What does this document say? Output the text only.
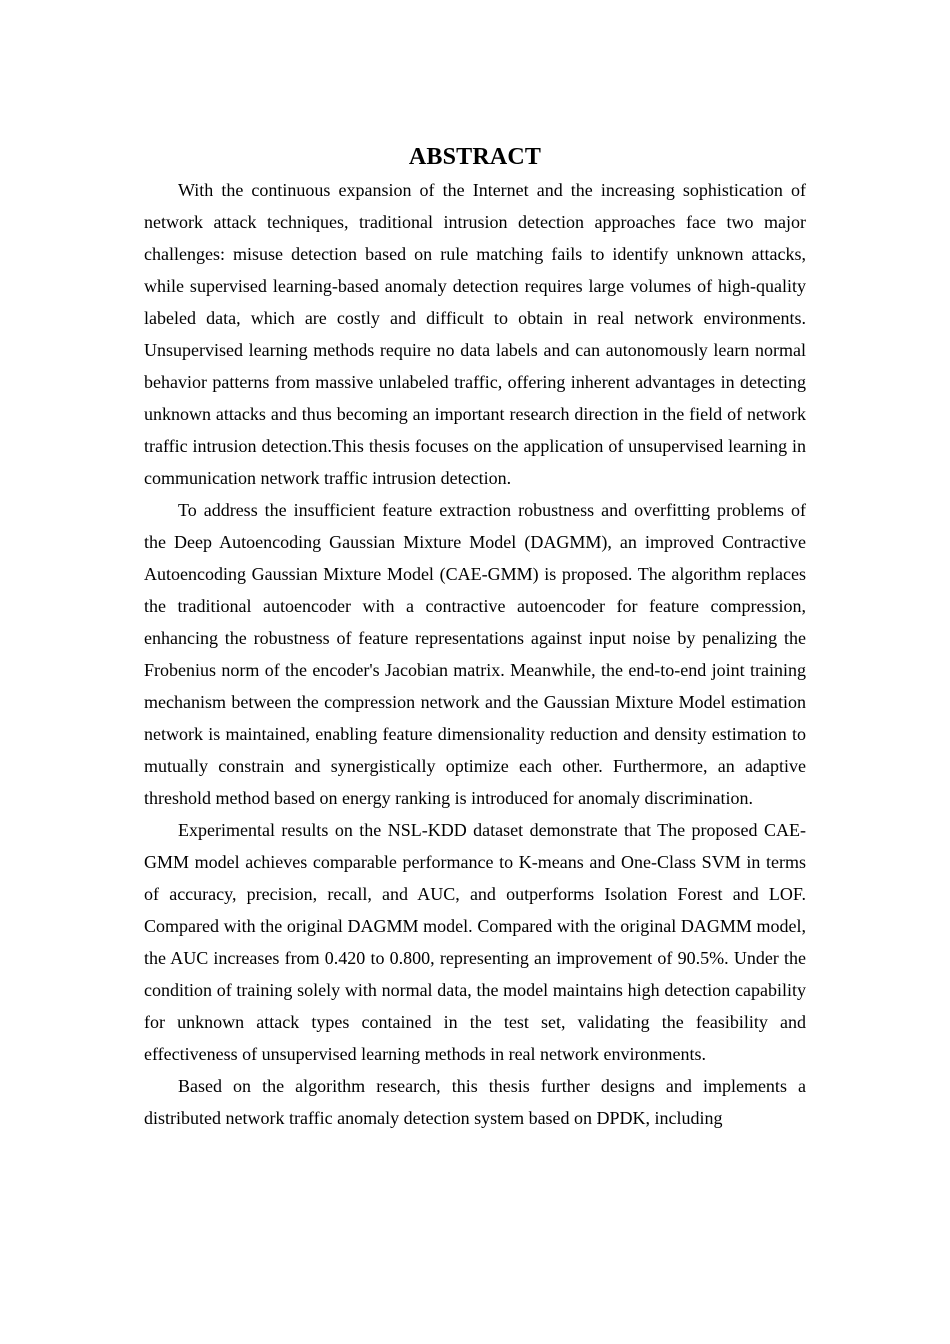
ABSTRACT

With the continuous expansion of the Internet and the increasing sophistication of network attack techniques, traditional intrusion detection approaches face two major challenges: misuse detection based on rule matching fails to identify unknown attacks, while supervised learning-based anomaly detection requires large volumes of high-quality labeled data, which are costly and difficult to obtain in real network environments. Unsupervised learning methods require no data labels and can autonomously learn normal behavior patterns from massive unlabeled traffic, offering inherent advantages in detecting unknown attacks and thus becoming an important research direction in the field of network traffic intrusion detection.This thesis focuses on the application of unsupervised learning in communication network traffic intrusion detection.

To address the insufficient feature extraction robustness and overfitting problems of the Deep Autoencoding Gaussian Mixture Model (DAGMM), an improved Contractive Autoencoding Gaussian Mixture Model (CAE-GMM) is proposed. The algorithm replaces the traditional autoencoder with a contractive autoencoder for feature compression, enhancing the robustness of feature representations against input noise by penalizing the Frobenius norm of the encoder's Jacobian matrix. Meanwhile, the end-to-end joint training mechanism between the compression network and the Gaussian Mixture Model estimation network is maintained, enabling feature dimensionality reduction and density estimation to mutually constrain and synergistically optimize each other. Furthermore, an adaptive threshold method based on energy ranking is introduced for anomaly discrimination.

Experimental results on the NSL-KDD dataset demonstrate that The proposed CAE-GMM model achieves comparable performance to K-means and One-Class SVM in terms of accuracy, precision, recall, and AUC, and outperforms Isolation Forest and LOF. Compared with the original DAGMM model. Compared with the original DAGMM model, the AUC increases from 0.420 to 0.800, representing an improvement of 90.5%. Under the condition of training solely with normal data, the model maintains high detection capability for unknown attack types contained in the test set, validating the feasibility and effectiveness of unsupervised learning methods in real network environments.

Based on the algorithm research, this thesis further designs and implements a distributed network traffic anomaly detection system based on DPDK, including
